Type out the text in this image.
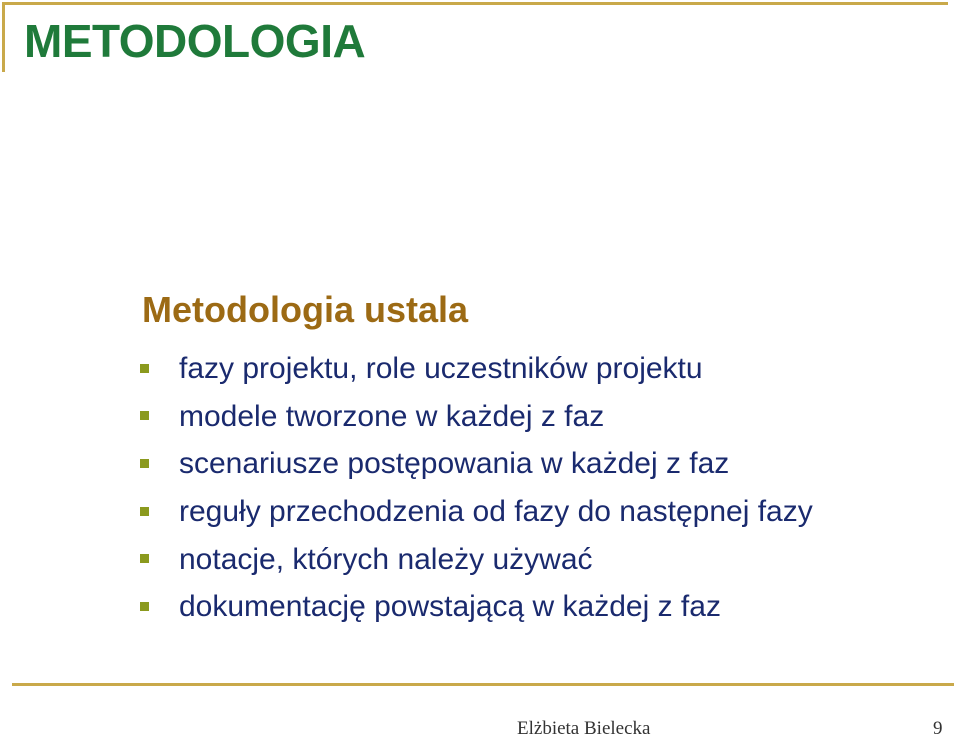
METODOLOGIA
Metodologia ustala
fazy projektu, role uczestników projektu
modele tworzone w każdej z faz
scenariusze postępowania w każdej z faz
reguły przechodzenia od fazy do następnej fazy
notacje, których należy używać
dokumentację powstającą w każdej z faz
Elżbieta Bielecka	9
